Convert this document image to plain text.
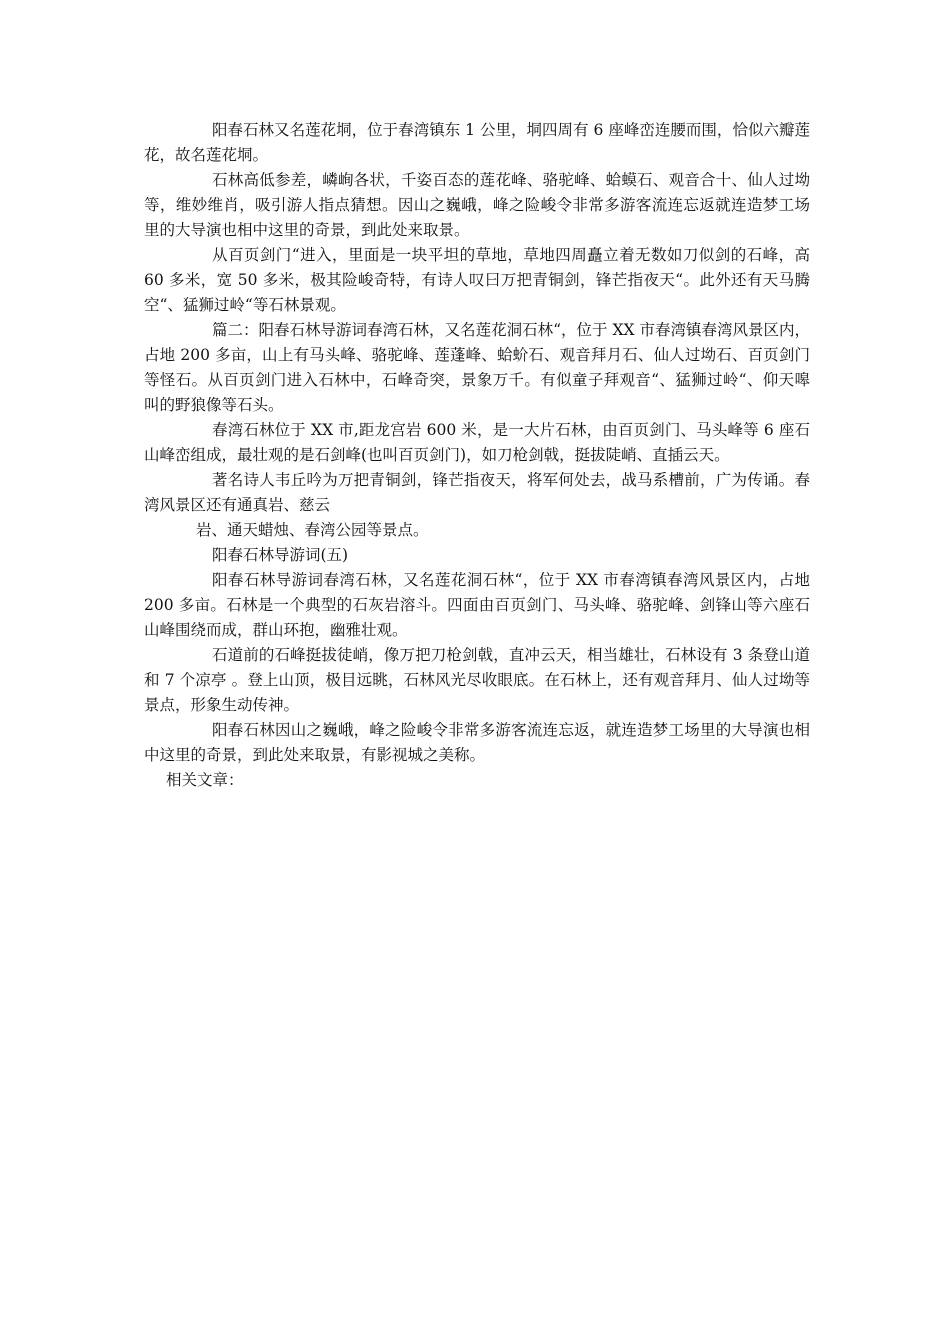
阳春石林又名莲花垌，位于春湾镇东 1 公里，垌四周有 6 座峰峦连腰而围，恰似六瓣莲花，故名莲花垌。

石林高低参差，嶙峋各状，千姿百态的莲花峰、骆驼峰、蛤蟆石、观音合十、仙人过坳等，维妙维肖，吸引游人指点猜想。因山之巍峨，峰之险峻令非常多游客流连忘返就连造梦工场里的大导演也相中这里的奇景，到此处来取景。

从百页剑门“进入，里面是一块平坦的草地，草地四周矗立着无数如刀似剑的石峰，高 60 多米，宽 50 多米，极其险峻奇特，有诗人叹曰万把青铜剑，锋芒指夜天“。此外还有天马腾空“、猛狮过岭“等石林景观。

篇二：阳春石林导游词春湾石林，又名莲花洞石林“，位于 XX 市春湾镇春湾风景区内，占地 200 多亩，山上有马头峰、骆驼峰、莲蓬峰、蛤蚧石、观音拜月石、仙人过坳石、百页剑门等怪石。从百页剑门进入石林中，石峰奇突，景象万千。有似童子拜观音“、猛狮过岭“、仰天嗥叫的野狼像等石头。

春湾石林位于 XX 市,距龙宫岩 600 米，是一大片石林，由百页剑门、马头峰等 6 座石山峰峦组成，最壮观的是石剑峰(也叫百页剑门)，如刀枪剑戟，挺拔陡峭、直插云天。

著名诗人韦丘吟为万把青铜剑，锋芒指夜天，将军何处去，战马系槽前，广为传诵。春湾风景区还有通真岩、慈云

岩、通天蜡烛、春湾公园等景点。

阳春石林导游词(五)

阳春石林导游词春湾石林，又名莲花洞石林“，位于 XX 市春湾镇春湾风景区内，占地 200 多亩。石林是一个典型的石灰岩溶斗。四面由百页剑门、马头峰、骆驼峰、剑锋山等六座石山峰围绕而成，群山环抱，幽雅壮观。

石道前的石峰挺拔徒峭，像万把刀枪剑戟，直冲云天，相当雄壮，石林设有 3 条登山道和 7 个凉亭 。登上山顶，极目远眺，石林风光尽收眼底。在石林上，还有观音拜月、仙人过坳等景点，形象生动传神。

阳春石林因山之巍峨，峰之险峻令非常多游客流连忘返，就连造梦工场里的大导演也相中这里的奇景，到此处来取景，有影视城之美称。

相关文章：
